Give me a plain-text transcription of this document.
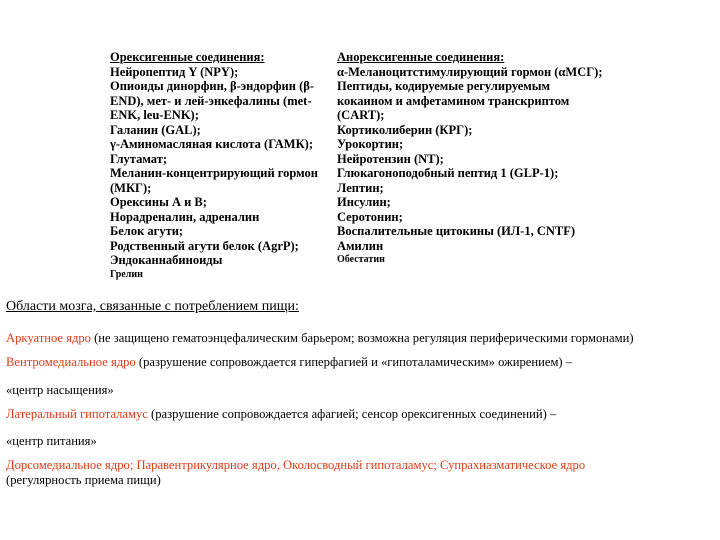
Орексигенные соединения:
Нейропептид Y (NPY);
Опиоиды динорфин, β-эндорфин (β-END), мет- и лей-энкефалины (met-ENK, leu-ENK);
Галанин (GAL);
γ-Аминомасляная кислота (ГАМК);
Глутамат;
Меланин-концентрирующий гормон (МКГ);
Орексины А и В;
Норадреналин, адреналин
Белок агути;
Родственный агути белок (AgrP);
Эндоканнабиноиды
Грелин
Анорексигенные соединения:
α-Меланоцитстимулирующий гормон (αМСГ);
Пептиды, кодируемые регулируемым кокаином и амфетамином транскриптом (CART);
Кортиколиберин (КРГ);
Урокортин;
Нейротензин (NT);
Глюкагоноподобный пептид 1 (GLP-1);
Лептин;
Инсулин;
Серотонин;
Воспалительные цитокины (ИЛ-1, CNTF)
Амилин
Обестатин
Области мозга, связанные с потреблением пищи:
Аркуатное ядро (не защищено гематоэнцефалическим барьером; возможна регуляция периферическими гормонами)
Вентромедиальное ядро (разрушение сопровождается гиперфагией и «гипоталамическим» ожирением) –
«центр насыщения»
Латеральный гипоталамус (разрушение сопровождается афагией; сенсор орексигенных соединений) –
«центр питания»
Дорсомедиальное ядро; Паравентрикулярное ядро, Околосводный гипоталамус; Супрахиазматическое ядро
(регулярность приема пищи)
